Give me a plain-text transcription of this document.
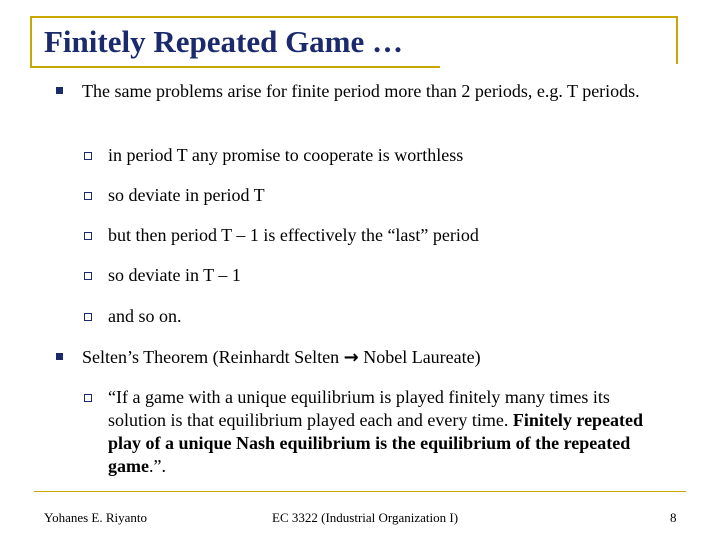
Finitely Repeated Game …
The same problems arise for finite period more than 2 periods, e.g. T periods.
in period T any promise to cooperate is worthless
so deviate in period T
but then period T – 1 is effectively the “last” period
so deviate in T – 1
and so on.
Selten’s Theorem (Reinhardt Selten → Nobel Laureate)
“If a game with a unique equilibrium is played finitely many times its solution is that equilibrium played each and every time. Finitely repeated play of a unique Nash equilibrium is the equilibrium of the repeated game.”.
Yohanes E. Riyanto	EC 3322 (Industrial Organization I)	8
